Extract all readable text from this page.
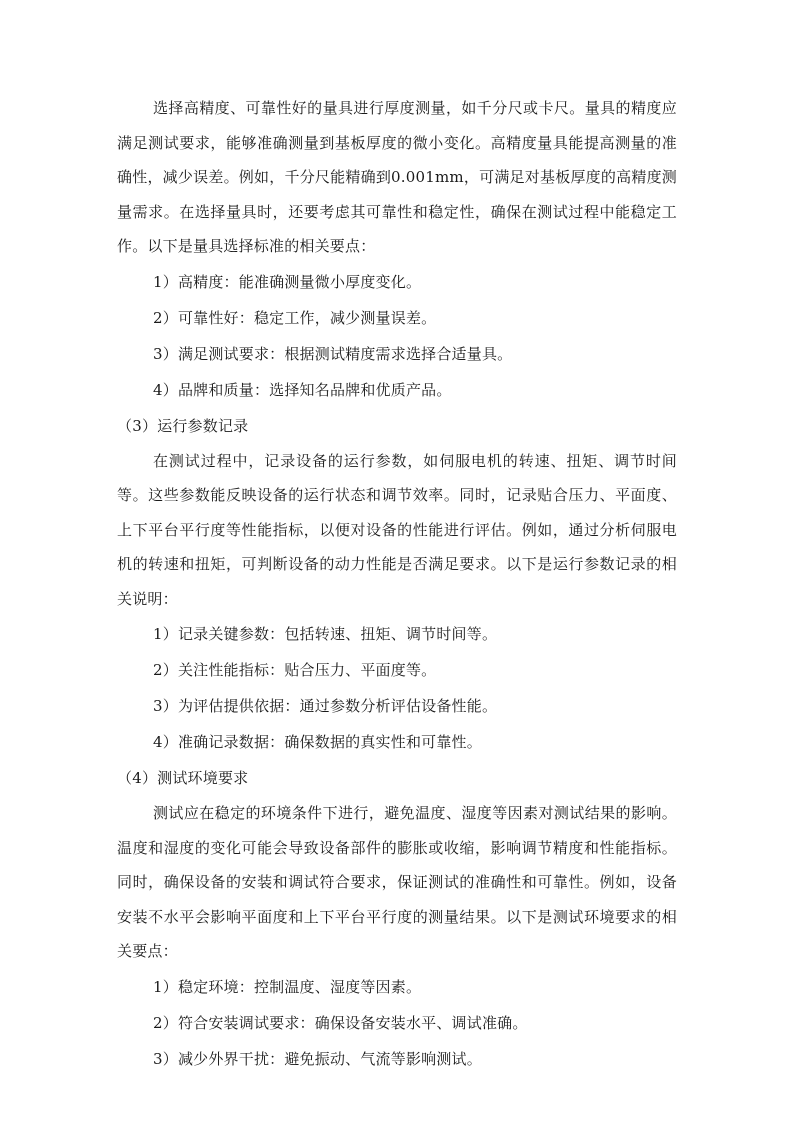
选择高精度、可靠性好的量具进行厚度测量，如千分尺或卡尺。量具的精度应满足测试要求，能够准确测量到基板厚度的微小变化。高精度量具能提高测量的准确性，减少误差。例如，千分尺能精确到0.001mm，可满足对基板厚度的高精度测量需求。在选择量具时，还要考虑其可靠性和稳定性，确保在测试过程中能稳定工作。以下是量具选择标准的相关要点：

1）高精度：能准确测量微小厚度变化。

2）可靠性好：稳定工作，减少测量误差。

3）满足测试要求：根据测试精度需求选择合适量具。

4）品牌和质量：选择知名品牌和优质产品。

（3）运行参数记录

在测试过程中，记录设备的运行参数，如伺服电机的转速、扭矩、调节时间等。这些参数能反映设备的运行状态和调节效率。同时，记录贴合压力、平面度、上下平台平行度等性能指标，以便对设备的性能进行评估。例如，通过分析伺服电机的转速和扭矩，可判断设备的动力性能是否满足要求。以下是运行参数记录的相关说明：

1）记录关键参数：包括转速、扭矩、调节时间等。

2）关注性能指标：贴合压力、平面度等。

3）为评估提供依据：通过参数分析评估设备性能。

4）准确记录数据：确保数据的真实性和可靠性。

（4）测试环境要求

测试应在稳定的环境条件下进行，避免温度、湿度等因素对测试结果的影响。温度和湿度的变化可能会导致设备部件的膨胀或收缩，影响调节精度和性能指标。同时，确保设备的安装和调试符合要求，保证测试的准确性和可靠性。例如，设备安装不水平会影响平面度和上下平台平行度的测量结果。以下是测试环境要求的相关要点：

1）稳定环境：控制温度、湿度等因素。

2）符合安装调试要求：确保设备安装水平、调试准确。

3）减少外界干扰：避免振动、气流等影响测试。
